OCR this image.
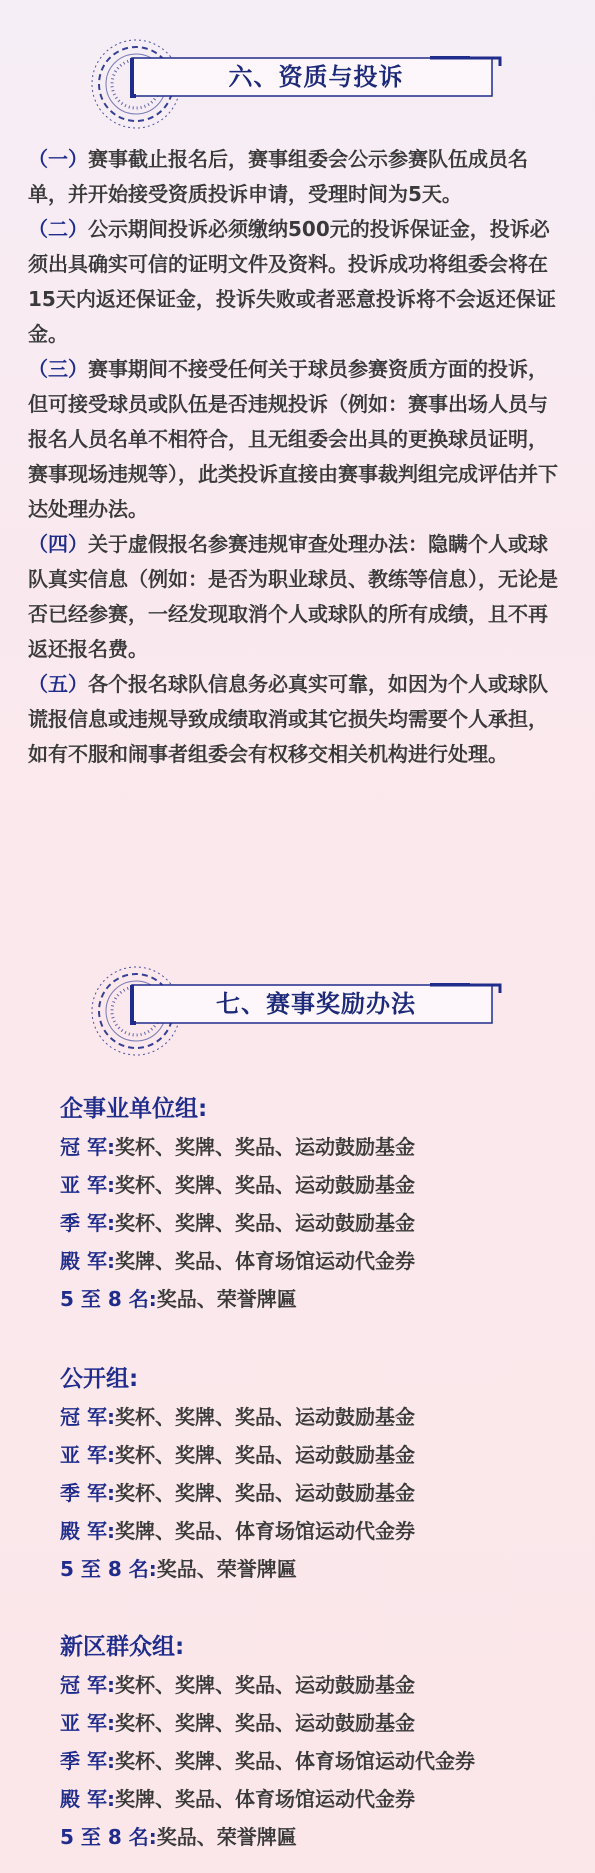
六、资质与投诉

（一）赛事截止报名后，赛事组委会公示参赛队伍成员名单，并开始接受资质投诉申请，受理时间为5天。

（二）公示期间投诉必须缴纳500元的投诉保证金，投诉必须出具确实可信的证明文件及资料。投诉成功将组委会将在15天内返还保证金，投诉失败或者恶意投诉将不会返还保证金。

（三）赛事期间不接受任何关于球员参赛资质方面的投诉，但可接受球员或队伍是否违规投诉（例如：赛事出场人员与报名人员名单不相符合，且无组委会出具的更换球员证明，赛事现场违规等），此类投诉直接由赛事裁判组完成评估并下达处理办法。

（四）关于虚假报名参赛违规审查处理办法：隐瞒个人或球队真实信息（例如：是否为职业球员、教练等信息），无论是否已经参赛，一经发现取消个人或球队的所有成绩，且不再返还报名费。

（五）各个报名球队信息务必真实可靠，如因为个人或球队谎报信息或违规导致成绩取消或其它损失均需要个人承担，如有不服和闹事者组委会有权移交相关机构进行处理。

七、赛事奖励办法
企事业单位组:
冠 军:奖杯、奖牌、奖品、运动鼓励基金
亚 军:奖杯、奖牌、奖品、运动鼓励基金
季 军:奖杯、奖牌、奖品、运动鼓励基金
殿 军:奖牌、奖品、体育场馆运动代金券
5 至 8 名:奖品、荣誉牌匾
公开组:
冠 军:奖杯、奖牌、奖品、运动鼓励基金
亚 军:奖杯、奖牌、奖品、运动鼓励基金
季 军:奖杯、奖牌、奖品、运动鼓励基金
殿 军:奖牌、奖品、体育场馆运动代金券
5 至 8 名:奖品、荣誉牌匾
新区群众组:
冠 军:奖杯、奖牌、奖品、运动鼓励基金
亚 军:奖杯、奖牌、奖品、运动鼓励基金
季 军:奖杯、奖牌、奖品、体育场馆运动代金券
殿 军:奖牌、奖品、体育场馆运动代金券
5 至 8 名:奖品、荣誉牌匾
